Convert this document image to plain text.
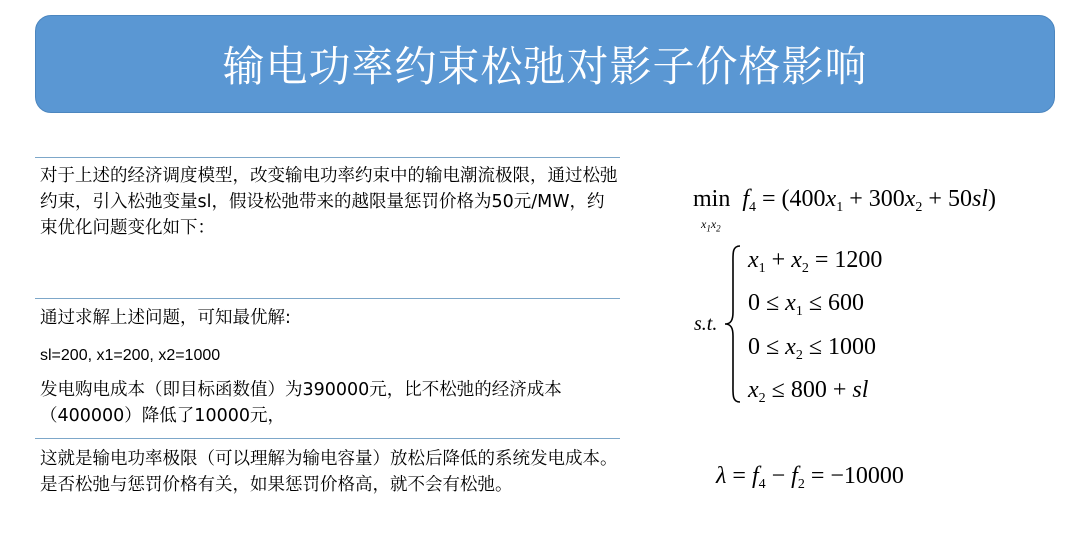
输电功率约束松弛对影子价格影响

对于上述的经济调度模型，改变输电功率约束中的输电潮流极限，通过松弛约束，引入松弛变量sl，假设松弛带来的越限量惩罚价格为50元/MW，约束优化问题变化如下：

通过求解上述问题，可知最优解:

sl=200, x1=200, x2=1000

发电购电成本（即目标函数值）为390000元，比不松弛的经济成本（400000）降低了10000元，

这就是输电功率极限（可以理解为输电容量）放松后降低的系统发电成本。是否松弛与惩罚价格有关，如果惩罚价格高，就不会有松弛。

$\min f_4 = (400x_1 + 300x_2 + 50sl)$
$x_1x_2$
s.t.
$x_1 + x_2 = 1200$
$0 \le x_1 \le 600$
$0 \le x_2 \le 1000$
$x_2 \le 800$ + sl
$\lambda = f_4 - f_2 = -10000$
